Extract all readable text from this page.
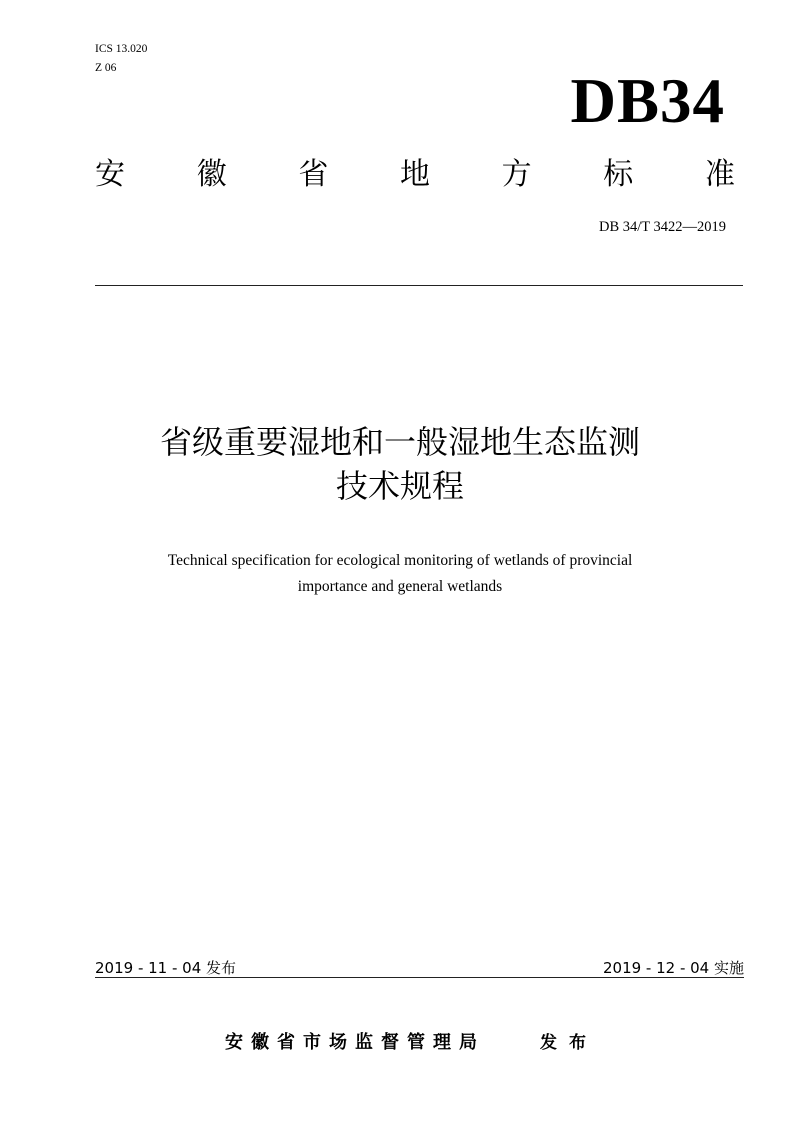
ICS 13.020
Z 06	DB34
安 徽 省 地 方 标 准
DB 34/T 3422—2019
省级重要湿地和一般湿地生态监测
技术规程
Technical specification for ecological monitoring of wetlands of provincial
importance and general wetlands
2019 - 11 - 04 发布	2019 - 12 - 04 实施
安徽省市场监督管理局	发布
